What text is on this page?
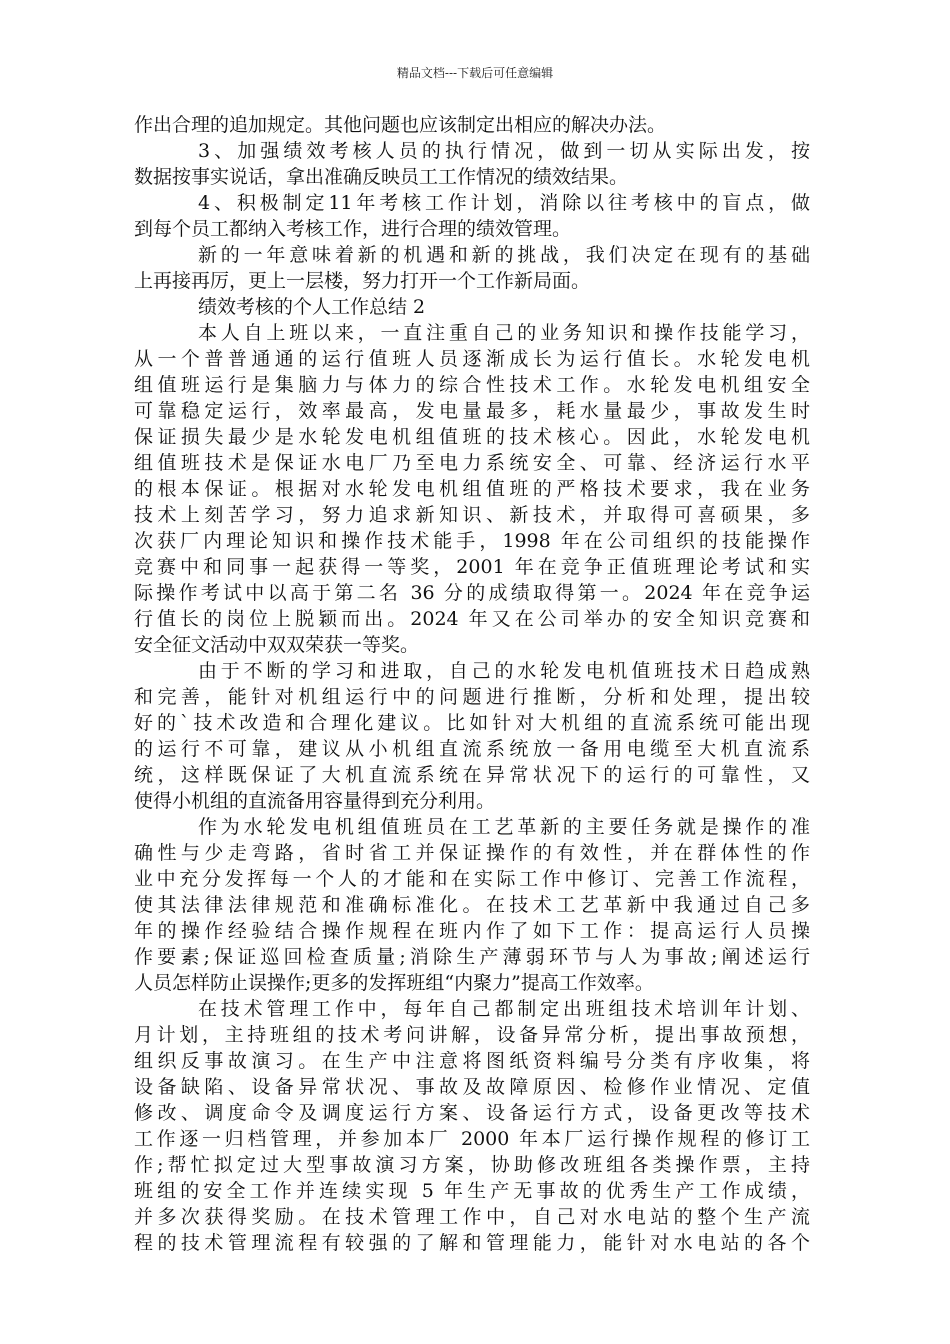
精品文档---下载后可任意编辑
作出合理的追加规定。其他问题也应该制定出相应的解决办法。
3、加强绩效考核人员的执行情况，做到一切从实际出发，按
数据按事实说话，拿出准确反映员工工作情况的绩效结果。
4、积极制定11年考核工作计划，消除以往考核中的盲点，做
到每个员工都纳入考核工作，进行合理的绩效管理。
新的一年意味着新的机遇和新的挑战，我们决定在现有的基础
上再接再厉，更上一层楼，努力打开一个工作新局面。
绩效考核的个人工作总结 2
本人自上班以来，一直注重自己的业务知识和操作技能学习，
从一个普普通通的运行值班人员逐渐成长为运行值长。水轮发电机
组值班运行是集脑力与体力的综合性技术工作。水轮发电机组安全
可靠稳定运行，效率最高，发电量最多，耗水量最少，事故发生时
保证损失最少是水轮发电机组值班的技术核心。因此，水轮发电机
组值班技术是保证水电厂乃至电力系统安全、可靠、经济运行水平
的根本保证。根据对水轮发电机组值班的严格技术要求，我在业务
技术上刻苦学习，努力追求新知识、新技术，并取得可喜硕果，多
次获厂内理论知识和操作技术能手，1998 年在公司组织的技能操作
竞赛中和同事一起获得一等奖，2001 年在竞争正值班理论考试和实
际操作考试中以高于第二名 36 分的成绩取得第一。2024 年在竞争运
行值长的岗位上脱颖而出。2024 年又在公司举办的安全知识竞赛和
安全征文活动中双双荣获一等奖。
由于不断的学习和进取，自己的水轮发电机值班技术日趋成熟
和完善，能针对机组运行中的问题进行推断，分析和处理，提出较
好的`技术改造和合理化建议。比如针对大机组的直流系统可能出现
的运行不可靠，建议从小机组直流系统放一备用电缆至大机直流系
统，这样既保证了大机直流系统在异常状况下的运行的可靠性，又
使得小机组的直流备用容量得到充分利用。
作为水轮发电机组值班员在工艺革新的主要任务就是操作的准
确性与少走弯路，省时省工并保证操作的有效性，并在群体性的作
业中充分发挥每一个人的才能和在实际工作中修订、完善工作流程，
使其法律法律规范和准确标准化。在技术工艺革新中我通过自己多
年的操作经验结合操作规程在班内作了如下工作：提高运行人员操
作要素;保证巡回检查质量;消除生产薄弱环节与人为事故;阐述运行
人员怎样防止误操作;更多的发挥班组“内聚力”提高工作效率。
在技术管理工作中，每年自己都制定出班组技术培训年计划、
月计划，主持班组的技术考问讲解，设备异常分析，提出事故预想，
组织反事故演习。在生产中注意将图纸资料编号分类有序收集，将
设备缺陷、设备异常状况、事故及故障原因、检修作业情况、定值
修改、调度命令及调度运行方案、设备运行方式，设备更改等技术
工作逐一归档管理，并参加本厂 2000 年本厂运行操作规程的修订工
作;帮忙拟定过大型事故演习方案，协助修改班组各类操作票，主持
班组的安全工作并连续实现 5 年生产无事故的优秀生产工作成绩，
并多次获得奖励。在技术管理工作中，自己对水电站的整个生产流
程的技术管理流程有较强的了解和管理能力，能针对水电站的各个
